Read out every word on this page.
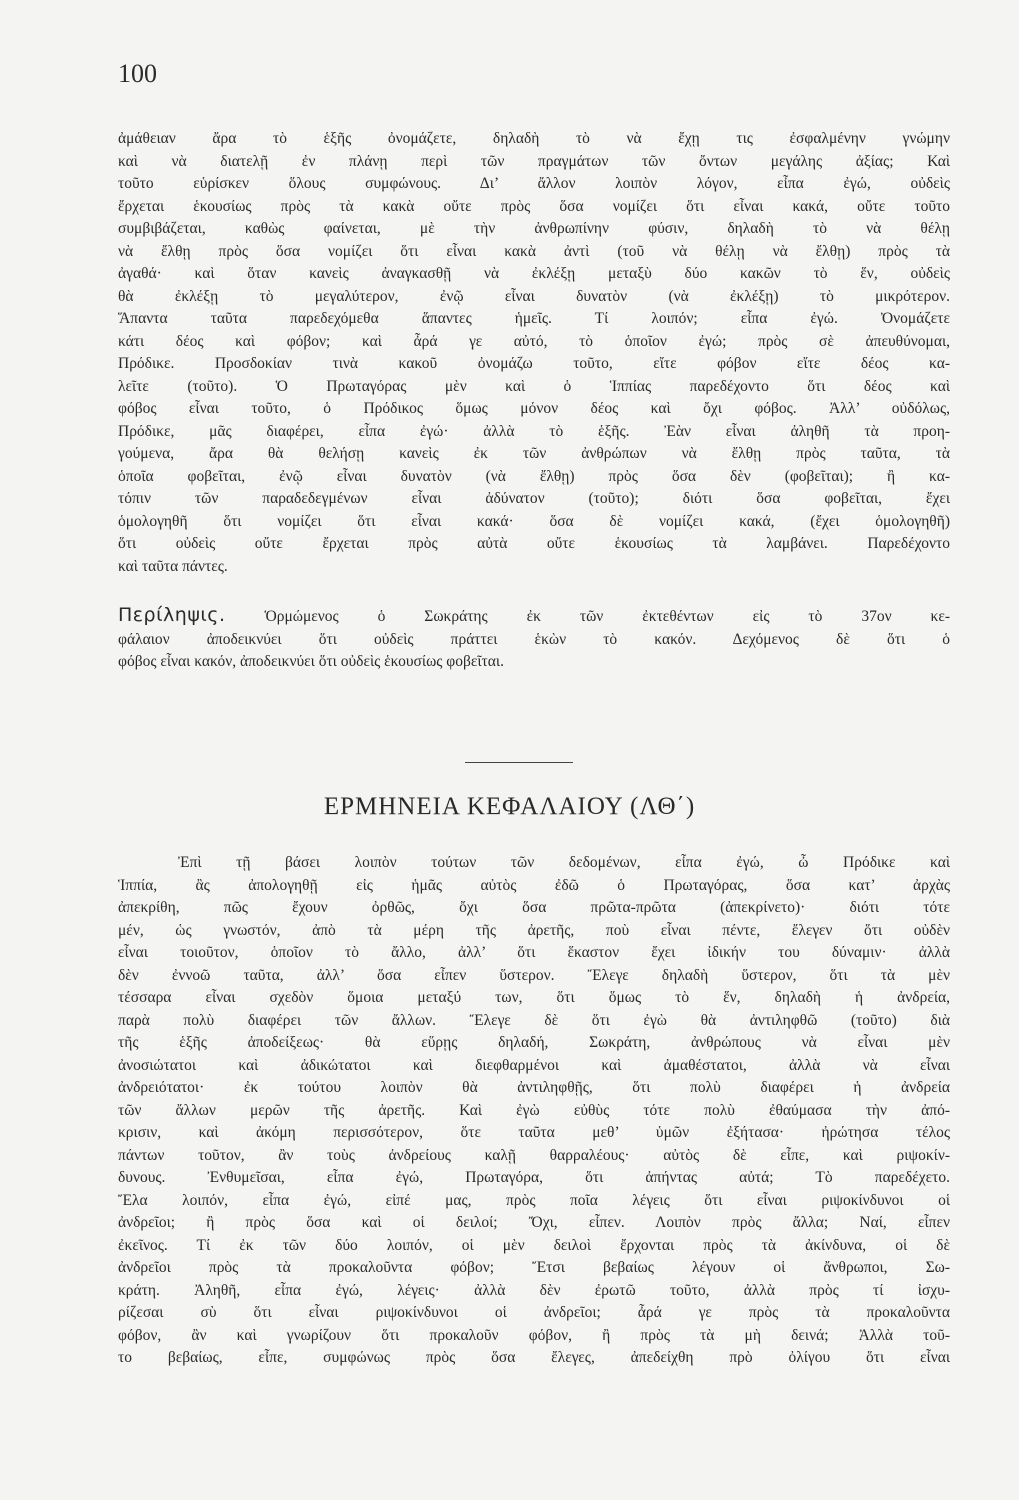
100
ἀμάθειαν ἄρα τὸ ἑξῆς ὀνομάζετε, δηλαδὴ τὸ νὰ ἔχῃ τις ἐσφαλμένην γνώμην
καὶ νὰ διατελῇ ἐν πλάνῃ περὶ τῶν πραγμάτων τῶν ὄντων μεγάλης ἀξίας; Καὶ
τοῦτο εὑρίσκεν ὅλους συμφώνους. Δι’ ἄλλον λοιπὸν λόγον, εἶπα ἐγώ, οὐδεὶς
ἔρχεται ἑκουσίως πρὸς τὰ κακὰ οὔτε πρὸς ὅσα νομίζει ὅτι εἶναι κακά, οὔτε τοῦτο
συμβιβάζεται, καθὼς φαίνεται, μὲ τὴν ἀνθρωπίνην φύσιν, δηλαδὴ τὸ νὰ θέλῃ
νὰ ἔλθῃ πρὸς ὅσα νομίζει ὅτι εἶναι κακὰ ἀντὶ (τοῦ νὰ θέλῃ νὰ ἔλθῃ) πρὸς τὰ
ἀγαθά· καὶ ὅταν κανεὶς ἀναγκασθῇ νὰ ἐκλέξῃ μεταξὺ δύο κακῶν τὸ ἕν, οὐδεὶς
θὰ ἐκλέξῃ τὸ μεγαλύτερον, ἐνῷ εἶναι δυνατὸν (νὰ ἐκλέξῃ) τὸ μικρότερον.
Ἅπαντα ταῦτα παρεδεχόμεθα ἅπαντες ἡμεῖς. Τί λοιπόν; εἶπα ἐγώ. Ὀνομάζετε
κάτι δέος καὶ φόβον; καὶ ἆρά γε αὐτό, τὸ ὁποῖον ἐγώ; πρὸς σὲ ἀπευθύνομαι,
Πρόδικε. Προσδοκίαν τινὰ κακοῦ ὀνομάζω τοῦτο, εἴτε φόβον εἴτε δέος κα-
λεῖτε (τοῦτο). Ὁ Πρωταγόρας μὲν καὶ ὁ Ἱππίας παρεδέχοντο ὅτι δέος καὶ
φόβος εἶναι τοῦτο, ὁ Πρόδικος ὅμως μόνον δέος καὶ ὄχι φόβος. Ἀλλ’ οὐδόλως,
Πρόδικε, μᾶς διαφέρει, εἶπα ἐγώ· ἀλλὰ τὸ ἑξῆς. Ἐὰν εἶναι ἀληθῆ τὰ προη-
γούμενα, ἄρα θὰ θελήσῃ κανεὶς ἐκ τῶν ἀνθρώπων νὰ ἔλθῃ πρὸς ταῦτα, τὰ
ὁποῖα φοβεῖται, ἐνῷ εἶναι δυνατὸν (νὰ ἔλθῃ) πρὸς ὅσα δὲν (φοβεῖται); ἢ κα-
τόπιν τῶν παραδεδεγμένων εἶναι ἀδύνατον (τοῦτο); διότι ὅσα φοβεῖται, ἔχει
ὁμολογηθῆ ὅτι νομίζει ὅτι εἶναι κακά· ὅσα δὲ νομίζει κακά, (ἔχει ὁμολογηθῆ)
ὅτι οὐδεὶς οὔτε ἔρχεται πρὸς αὐτὰ οὔτε ἑκουσίως τὰ λαμβάνει. Παρεδέχοντο
καὶ ταῦτα πάντες.
Περίληψις.	Ὁρμώμενος ὁ Σωκράτης ἐκ τῶν ἐκτεθέντων εἰς τὸ 37ον κε-
φάλαιον ἀποδεικνύει ὅτι οὐδεὶς πράττει ἑκὼν τὸ κακόν. Δεχόμενος δὲ ὅτι ὁ
φόβος εἶναι κακόν, ἀποδεικνύει ὅτι οὐδεὶς ἑκουσίως φοβεῖται.
ΕΡΜΗΝΕΙΑ ΚΕΦΑΛΑΙΟΥ (ΛΘ΄)
Ἐπὶ τῇ βάσει λοιπὸν τούτων τῶν δεδομένων, εἶπα ἐγώ, ὦ Πρόδικε καὶ
Ἱππία, ἂς ἀπολογηθῇ εἰς ἡμᾶς αὐτὸς ἐδῶ ὁ Πρωταγόρας, ὅσα κατ’ ἀρχὰς
ἀπεκρίθη, πῶς ἔχουν ὀρθῶς, ὄχι ὅσα πρῶτα-πρῶτα (ἀπεκρίνετο)· διότι τότε
μέν, ὡς γνωστόν, ἀπὸ τὰ μέρη τῆς ἀρετῆς, ποὺ εἶναι πέντε, ἔλεγεν ὅτι οὐδὲν
εἶναι τοιοῦτον, ὁποῖον τὸ ἄλλο, ἀλλ’ ὅτι ἕκαστον ἔχει ἰδικήν του δύναμιν· ἀλλὰ
δὲν ἐννοῶ ταῦτα, ἀλλ’ ὅσα εἶπεν ὕστερον. Ἔλεγε δηλαδὴ ὕστερον, ὅτι τὰ μὲν
τέσσαρα εἶναι σχεδὸν ὅμοια μεταξύ των, ὅτι ὅμως τὸ ἕν, δηλαδὴ ἡ ἀνδρεία,
παρὰ πολὺ διαφέρει τῶν ἄλλων. Ἔλεγε δὲ ὅτι ἐγὼ θὰ ἀντιληφθῶ (τοῦτο) διὰ
τῆς ἑξῆς ἀποδείξεως· θὰ εὕρῃς δηλαδή, Σωκράτη, ἀνθρώπους νὰ εἶναι μὲν
ἀνοσιώτατοι καὶ ἀδικώτατοι καὶ διεφθαρμένοι καὶ ἀμαθέστατοι, ἀλλὰ νὰ εἶναι
ἀνδρειότατοι· ἐκ τούτου λοιπὸν θὰ ἀντιληφθῇς, ὅτι πολὺ διαφέρει ἡ ἀνδρεία
τῶν ἄλλων μερῶν τῆς ἀρετῆς. Καὶ ἐγὼ εὐθὺς τότε πολὺ ἐθαύμασα τὴν ἀπό-
κρισιν, καὶ ἀκόμη περισσότερον, ὅτε ταῦτα μεθ’ ὑμῶν ἐξήτασα· ἠρώτησα τέλος
πάντων τοῦτον, ἂν τοὺς ἀνδρείους καλῇ θαρραλέους· αὐτὸς δὲ εἶπε, καὶ ριψοκίν-
δυνους. Ἐνθυμεῖσαι, εἶπα ἐγώ, Πρωταγόρα, ὅτι ἀπήντας αὐτά; Τὸ παρεδέχετο.
Ἔλα λοιπόν, εἶπα ἐγώ, εἰπέ μας, πρὸς ποῖα λέγεις ὅτι εἶναι ριψοκίνδυνοι οἱ
ἀνδρεῖοι; ἢ πρὸς ὅσα καὶ οἱ δειλοί; Ὄχι, εἶπεν. Λοιπὸν πρὸς ἄλλα; Ναί, εἶπεν
ἐκεῖνος. Τί ἐκ τῶν δύο λοιπόν, οἱ μὲν δειλοὶ ἔρχονται πρὸς τὰ ἀκίνδυνα, οἱ δὲ
ἀνδρεῖοι πρὸς τὰ προκαλοῦντα φόβον; Ἔτσι βεβαίως λέγουν οἱ ἄνθρωποι, Σω-
κράτη. Ἀληθῆ, εἶπα ἐγώ, λέγεις· ἀλλὰ δὲν ἐρωτῶ τοῦτο, ἀλλὰ πρὸς τί ἰσχυ-
ρίζεσαι σὺ ὅτι εἶναι ριψοκίνδυνοι οἱ ἀνδρεῖοι; ἆρά γε πρὸς τὰ προκαλοῦντα
φόβον, ἂν καὶ γνωρίζουν ὅτι προκαλοῦν φόβον, ἢ πρὸς τὰ μὴ δεινά; Ἀλλὰ τοῦ-
το βεβαίως, εἶπε, συμφώνως πρὸς ὅσα ἔλεγες, ἀπεδείχθη πρὸ ὀλίγου ὅτι εἶναι
